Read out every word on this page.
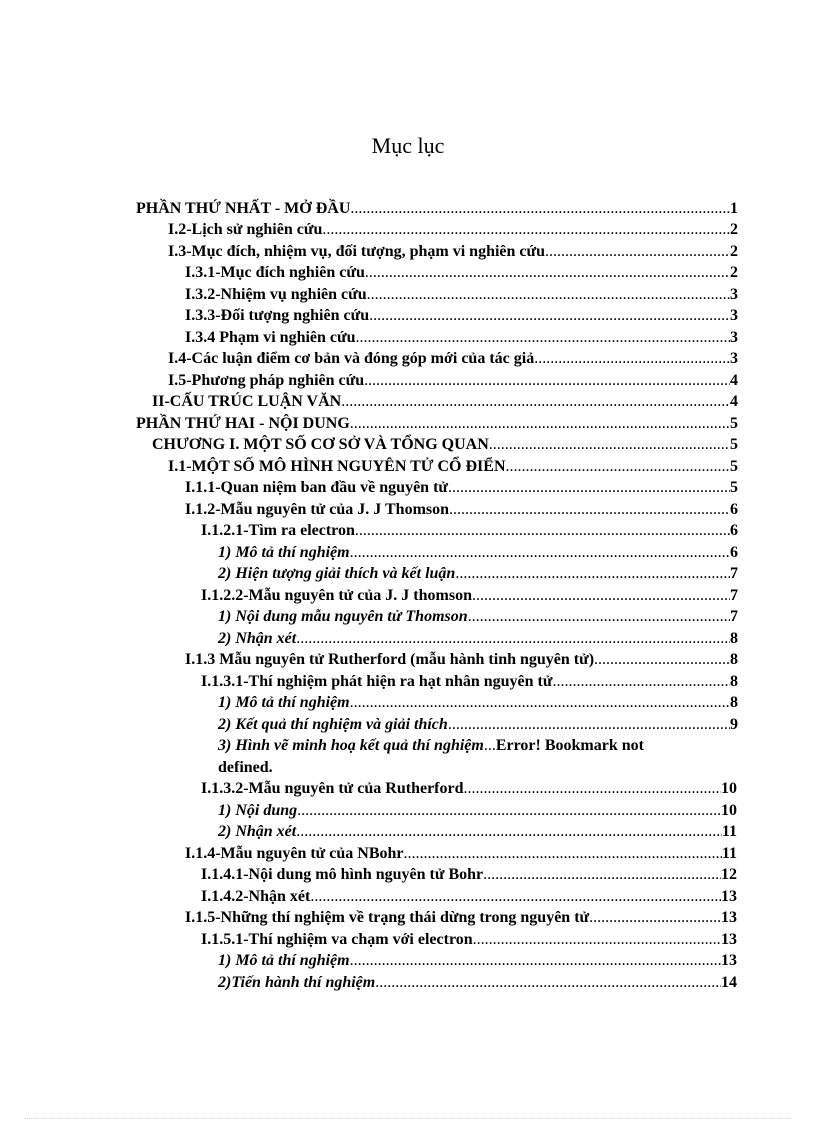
Mục lục
PHẦN THỨ NHẤT - MỞ ĐẦU .....	1
I.2-Lịch sử nghiên cứu .....	2
I.3-Mục đích, nhiệm vụ, đối tượng, phạm vi nghiên cứu .....	2
I.3.1-Mục đích nghiên cứu .....	2
I.3.2-Nhiệm vụ nghiên cứu .....	3
I.3.3-Đối tượng nghiên cứu .....	3
I.3.4 Phạm vi nghiên cứu .....	3
I.4-Các luận điểm cơ bản và đóng góp mới của tác giả .....	3
I.5-Phương pháp nghiên cứu .....	4
II-CẤU TRÚC LUẬN VĂN .....	4
PHẦN THỨ HAI - NỘI DUNG .....	5
CHƯƠNG I. MỘT SỐ CƠ SỞ VÀ TỔNG QUAN .....	5
I.1-MỘT SỐ MÔ HÌNH NGUYÊN TỬ CỔ ĐIỂN .....	5
I.1.1-Quan niệm ban đầu về nguyên tử .....	5
I.1.2-Mẫu nguyên tử của J. J Thomson .....	6
I.1.2.1-Tìm ra electron .....	6
1) Mô tả thí nghiệm .....	6
2) Hiện tượng giải thích và kết luận .....	7
I.1.2.2-Mẫu nguyên tử của J. J thomson .....	7
1) Nội dung mẫu nguyên tử Thomson .....	7
2) Nhận xét .....	8
I.1.3 Mẫu nguyên tử Rutherford (mẫu hành tinh nguyên tử) .....	8
I.1.3.1-Thí nghiệm phát hiện ra hạt nhân nguyên tử .....	8
1) Mô tả thí nghiệm .....	8
2) Kết quả thí nghiệm và giải thích .....	9
3) Hình vẽ minh hoạ kết quả thí nghiệm ... Error! Bookmark not
defined.
I.1.3.2-Mẫu nguyên tử của Rutherford .....	10
1) Nội dung .....	10
2) Nhận xét .....	11
I.1.4-Mẫu nguyên tử của NBohr .....	11
I.1.4.1-Nội dung mô hình nguyên tử Bohr .....	12
I.1.4.2-Nhận xét .....	13
I.1.5-Những thí nghiệm về trạng thái dừng trong nguyên tử .....	13
I.1.5.1-Thí nghiệm va chạm với electron .....	13
1) Mô tả thí nghiệm .....	13
2)Tiến hành thí nghiệm .....	14
